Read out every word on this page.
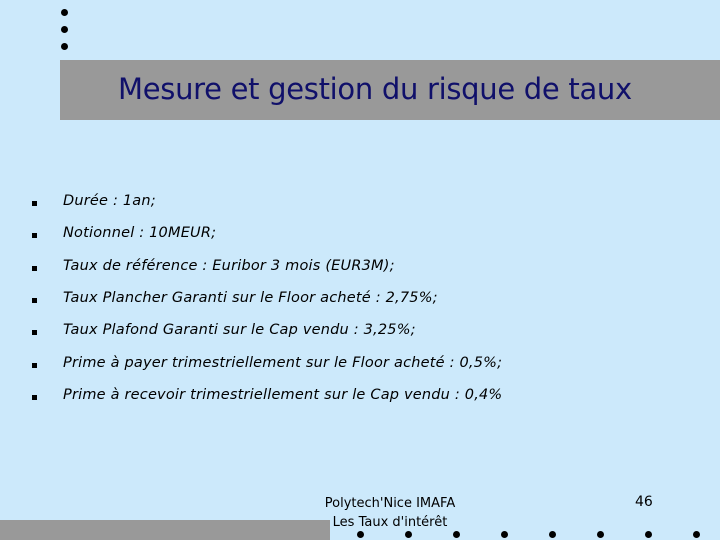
Mesure et gestion du risque de taux
Durée : 1an;
Notionnel : 10MEUR;
Taux de référence : Euribor 3 mois (EUR3M);
Taux Plancher Garanti sur le Floor acheté : 2,75%;
Taux Plafond Garanti sur le Cap vendu : 3,25%;
Prime à payer trimestriellement sur le Floor acheté : 0,5%;
Prime à recevoir trimestriellement sur le Cap vendu : 0,4%
Polytech'Nice IMAFA
Les Taux d'intérêt
46
